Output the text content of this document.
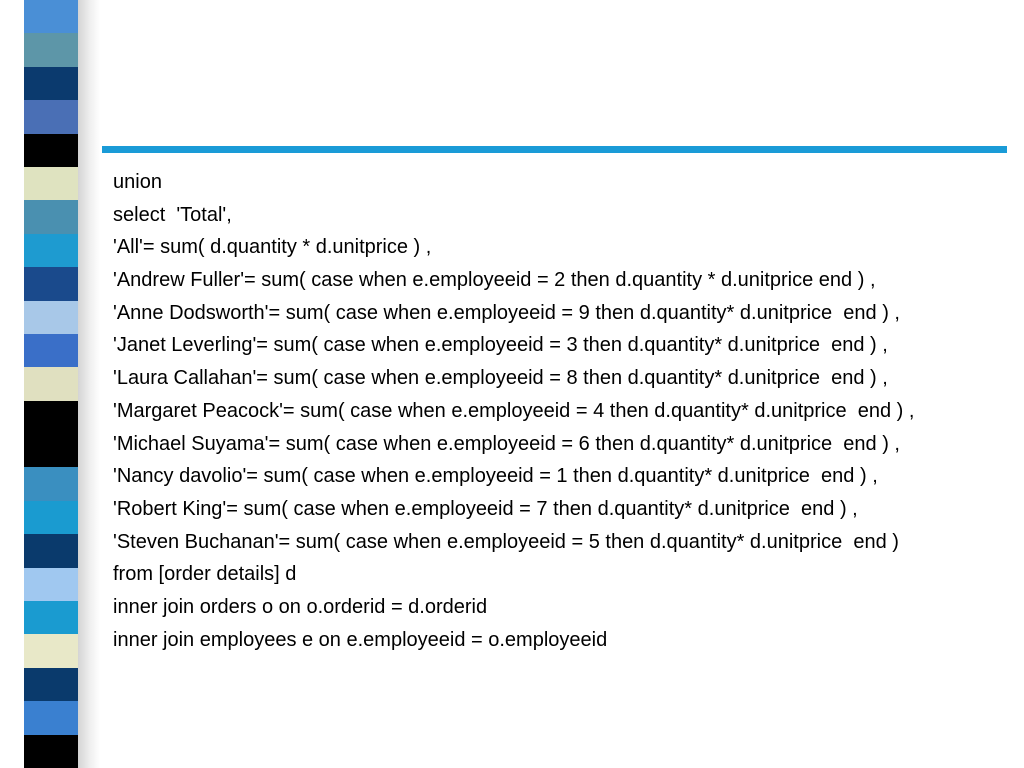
union
select  'Total',
'All'= sum( d.quantity * d.unitprice ) ,
'Andrew Fuller'= sum( case when e.employeeid = 2 then d.quantity * d.unitprice end ) ,
'Anne Dodsworth'= sum( case when e.employeeid = 9 then d.quantity* d.unitprice  end ) ,
'Janet Leverling'= sum( case when e.employeeid = 3 then d.quantity* d.unitprice  end ) ,
'Laura Callahan'= sum( case when e.employeeid = 8 then d.quantity* d.unitprice  end ) ,
'Margaret Peacock'= sum( case when e.employeeid = 4 then d.quantity* d.unitprice  end ) ,
'Michael Suyama'= sum( case when e.employeeid = 6 then d.quantity* d.unitprice  end ) ,
'Nancy davolio'= sum( case when e.employeeid = 1 then d.quantity* d.unitprice  end ) ,
'Robert King'= sum( case when e.employeeid = 7 then d.quantity* d.unitprice  end ) ,
'Steven Buchanan'= sum( case when e.employeeid = 5 then d.quantity* d.unitprice  end )
from [order details] d
inner join orders o on o.orderid = d.orderid
inner join employees e on e.employeeid = o.employeeid
